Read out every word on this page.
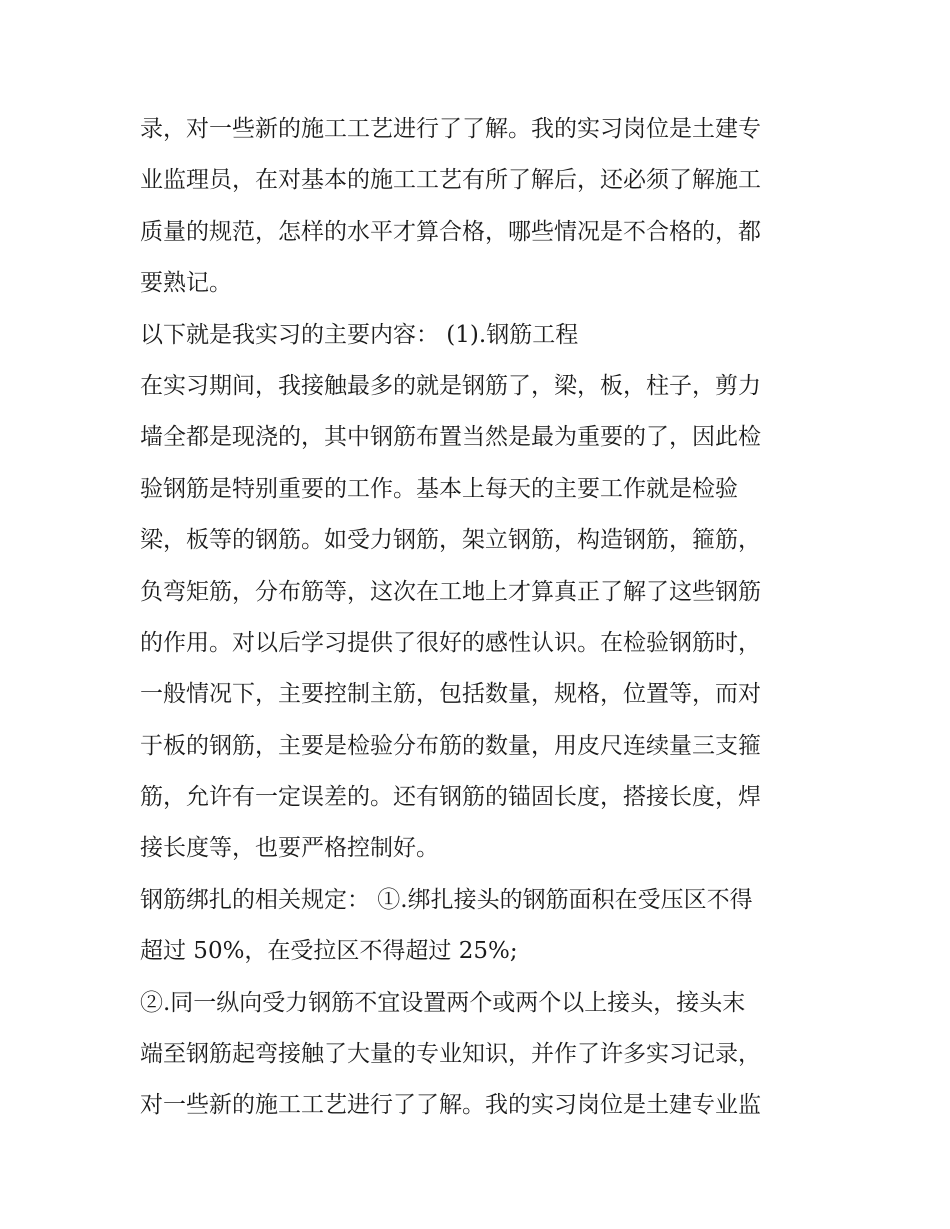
录，对一些新的施工工艺进行了了解。我的实习岗位是土建专
业监理员，在对基本的施工工艺有所了解后，还必须了解施工
质量的规范，怎样的水平才算合格，哪些情况是不合格的，都
要熟记。
以下就是我实习的主要内容： (1).钢筋工程
在实习期间，我接触最多的就是钢筋了，梁，板，柱子，剪力
墙全都是现浇的，其中钢筋布置当然是最为重要的了，因此检
验钢筋是特别重要的工作。基本上每天的主要工作就是检验
梁，板等的钢筋。如受力钢筋，架立钢筋，构造钢筋，箍筋，
负弯矩筋，分布筋等，这次在工地上才算真正了解了这些钢筋
的作用。对以后学习提供了很好的感性认识。在检验钢筋时，
一般情况下，主要控制主筋，包括数量，规格，位置等，而对
于板的钢筋，主要是检验分布筋的数量，用皮尺连续量三支箍
筋，允许有一定误差的。还有钢筋的锚固长度，搭接长度，焊
接长度等，也要严格控制好。
钢筋绑扎的相关规定： ①.绑扎接头的钢筋面积在受压区不得
超过 50%，在受拉区不得超过 25%;
②.同一纵向受力钢筋不宜设置两个或两个以上接头，接头末
端至钢筋起弯接触了大量的专业知识，并作了许多实习记录，
对一些新的施工工艺进行了了解。我的实习岗位是土建专业监
